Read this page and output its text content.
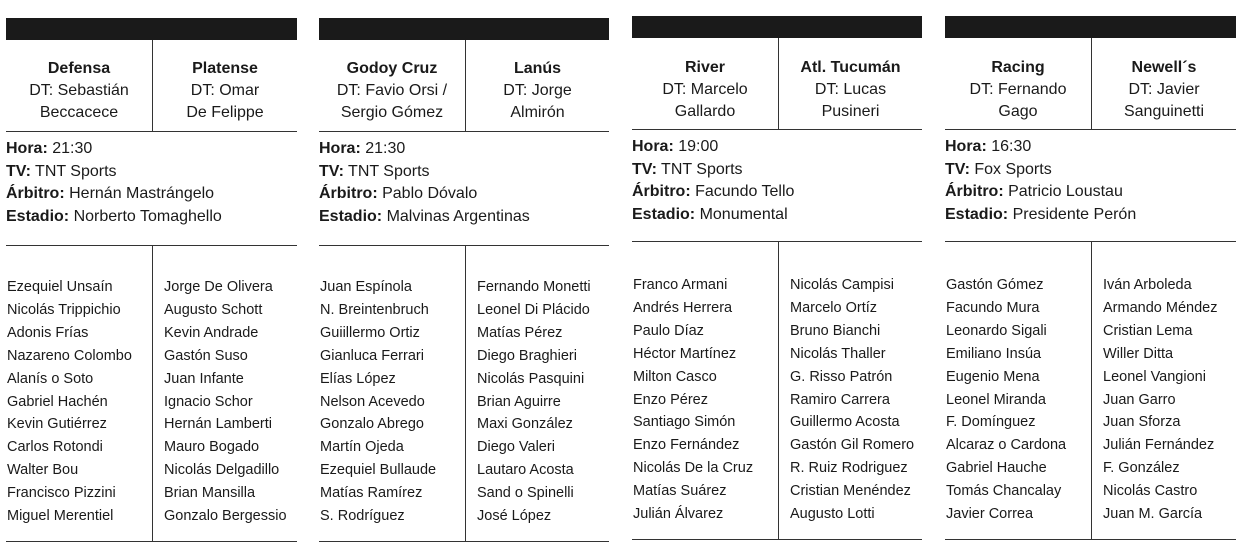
Defensa
DT: Sebastián
Beccacece
Platense
DT: Omar
De Felippe
Hora: 21:30
TV: TNT Sports
Árbitro: Hernán Mastrángelo
Estadio: Norberto Tomaghello
Ezequiel Unsaín
Nicolás Trippichio
Adonis Frías
Nazareno Colombo
Alanís o Soto
Gabriel Hachén
Kevin Gutiérrez
Carlos Rotondi
Walter Bou
Francisco Pizzini
Miguel Merentiel
Jorge De Olivera
Augusto Schott
Kevin Andrade
Gastón Suso
Juan Infante
Ignacio Schor
Hernán Lamberti
Mauro Bogado
Nicolás Delgadillo
Brian Mansilla
Gonzalo Bergessio
Godoy Cruz
DT: Favio Orsi /
Sergio Gómez
Lanús
DT: Jorge
Almirón
Hora: 21:30
TV: TNT Sports
Árbitro: Pablo Dóvalo
Estadio: Malvinas Argentinas
Juan Espínola
N. Breintenbruch
Guiillermo Ortiz
Gianluca Ferrari
Elías López
Nelson Acevedo
Gonzalo Abrego
Martín Ojeda
Ezequiel Bullaude
Matías Ramírez
S. Rodríguez
Fernando Monetti
Leonel Di Plácido
Matías Pérez
Diego Braghieri
Nicolás Pasquini
Brian Aguirre
Maxi González
Diego Valeri
Lautaro Acosta
Sand o Spinelli
José López
River
DT: Marcelo
Gallardo
Atl. Tucumán
DT: Lucas
Pusineri
Hora: 19:00
TV: TNT Sports
Árbitro: Facundo Tello
Estadio: Monumental
Franco Armani
Andrés Herrera
Paulo Díaz
Héctor Martínez
Milton Casco
Enzo Pérez
Santiago Simón
Enzo Fernández
Nicolás De la Cruz
Matías Suárez
Julián Álvarez
Nicolás Campisi
Marcelo Ortíz
Bruno Bianchi
Nicolás Thaller
G. Risso Patrón
Ramiro Carrera
Guillermo Acosta
Gastón Gil Romero
R. Ruiz Rodriguez
Cristian Menéndez
Augusto Lotti
Racing
DT: Fernando
Gago
Newell´s
DT: Javier
Sanguinetti
Hora: 16:30
TV: Fox Sports
Árbitro: Patricio Loustau
Estadio: Presidente Perón
Gastón Gómez
Facundo Mura
Leonardo Sigali
Emiliano Insúa
Eugenio Mena
Leonel Miranda
F. Domínguez
Alcaraz o Cardona
Gabriel Hauche
Tomás Chancalay
Javier Correa
Iván Arboleda
Armando Méndez
Cristian Lema
Willer Ditta
Leonel Vangioni
Juan Garro
Juan Sforza
Julián Fernández
F. González
Nicolás Castro
Juan M. García
